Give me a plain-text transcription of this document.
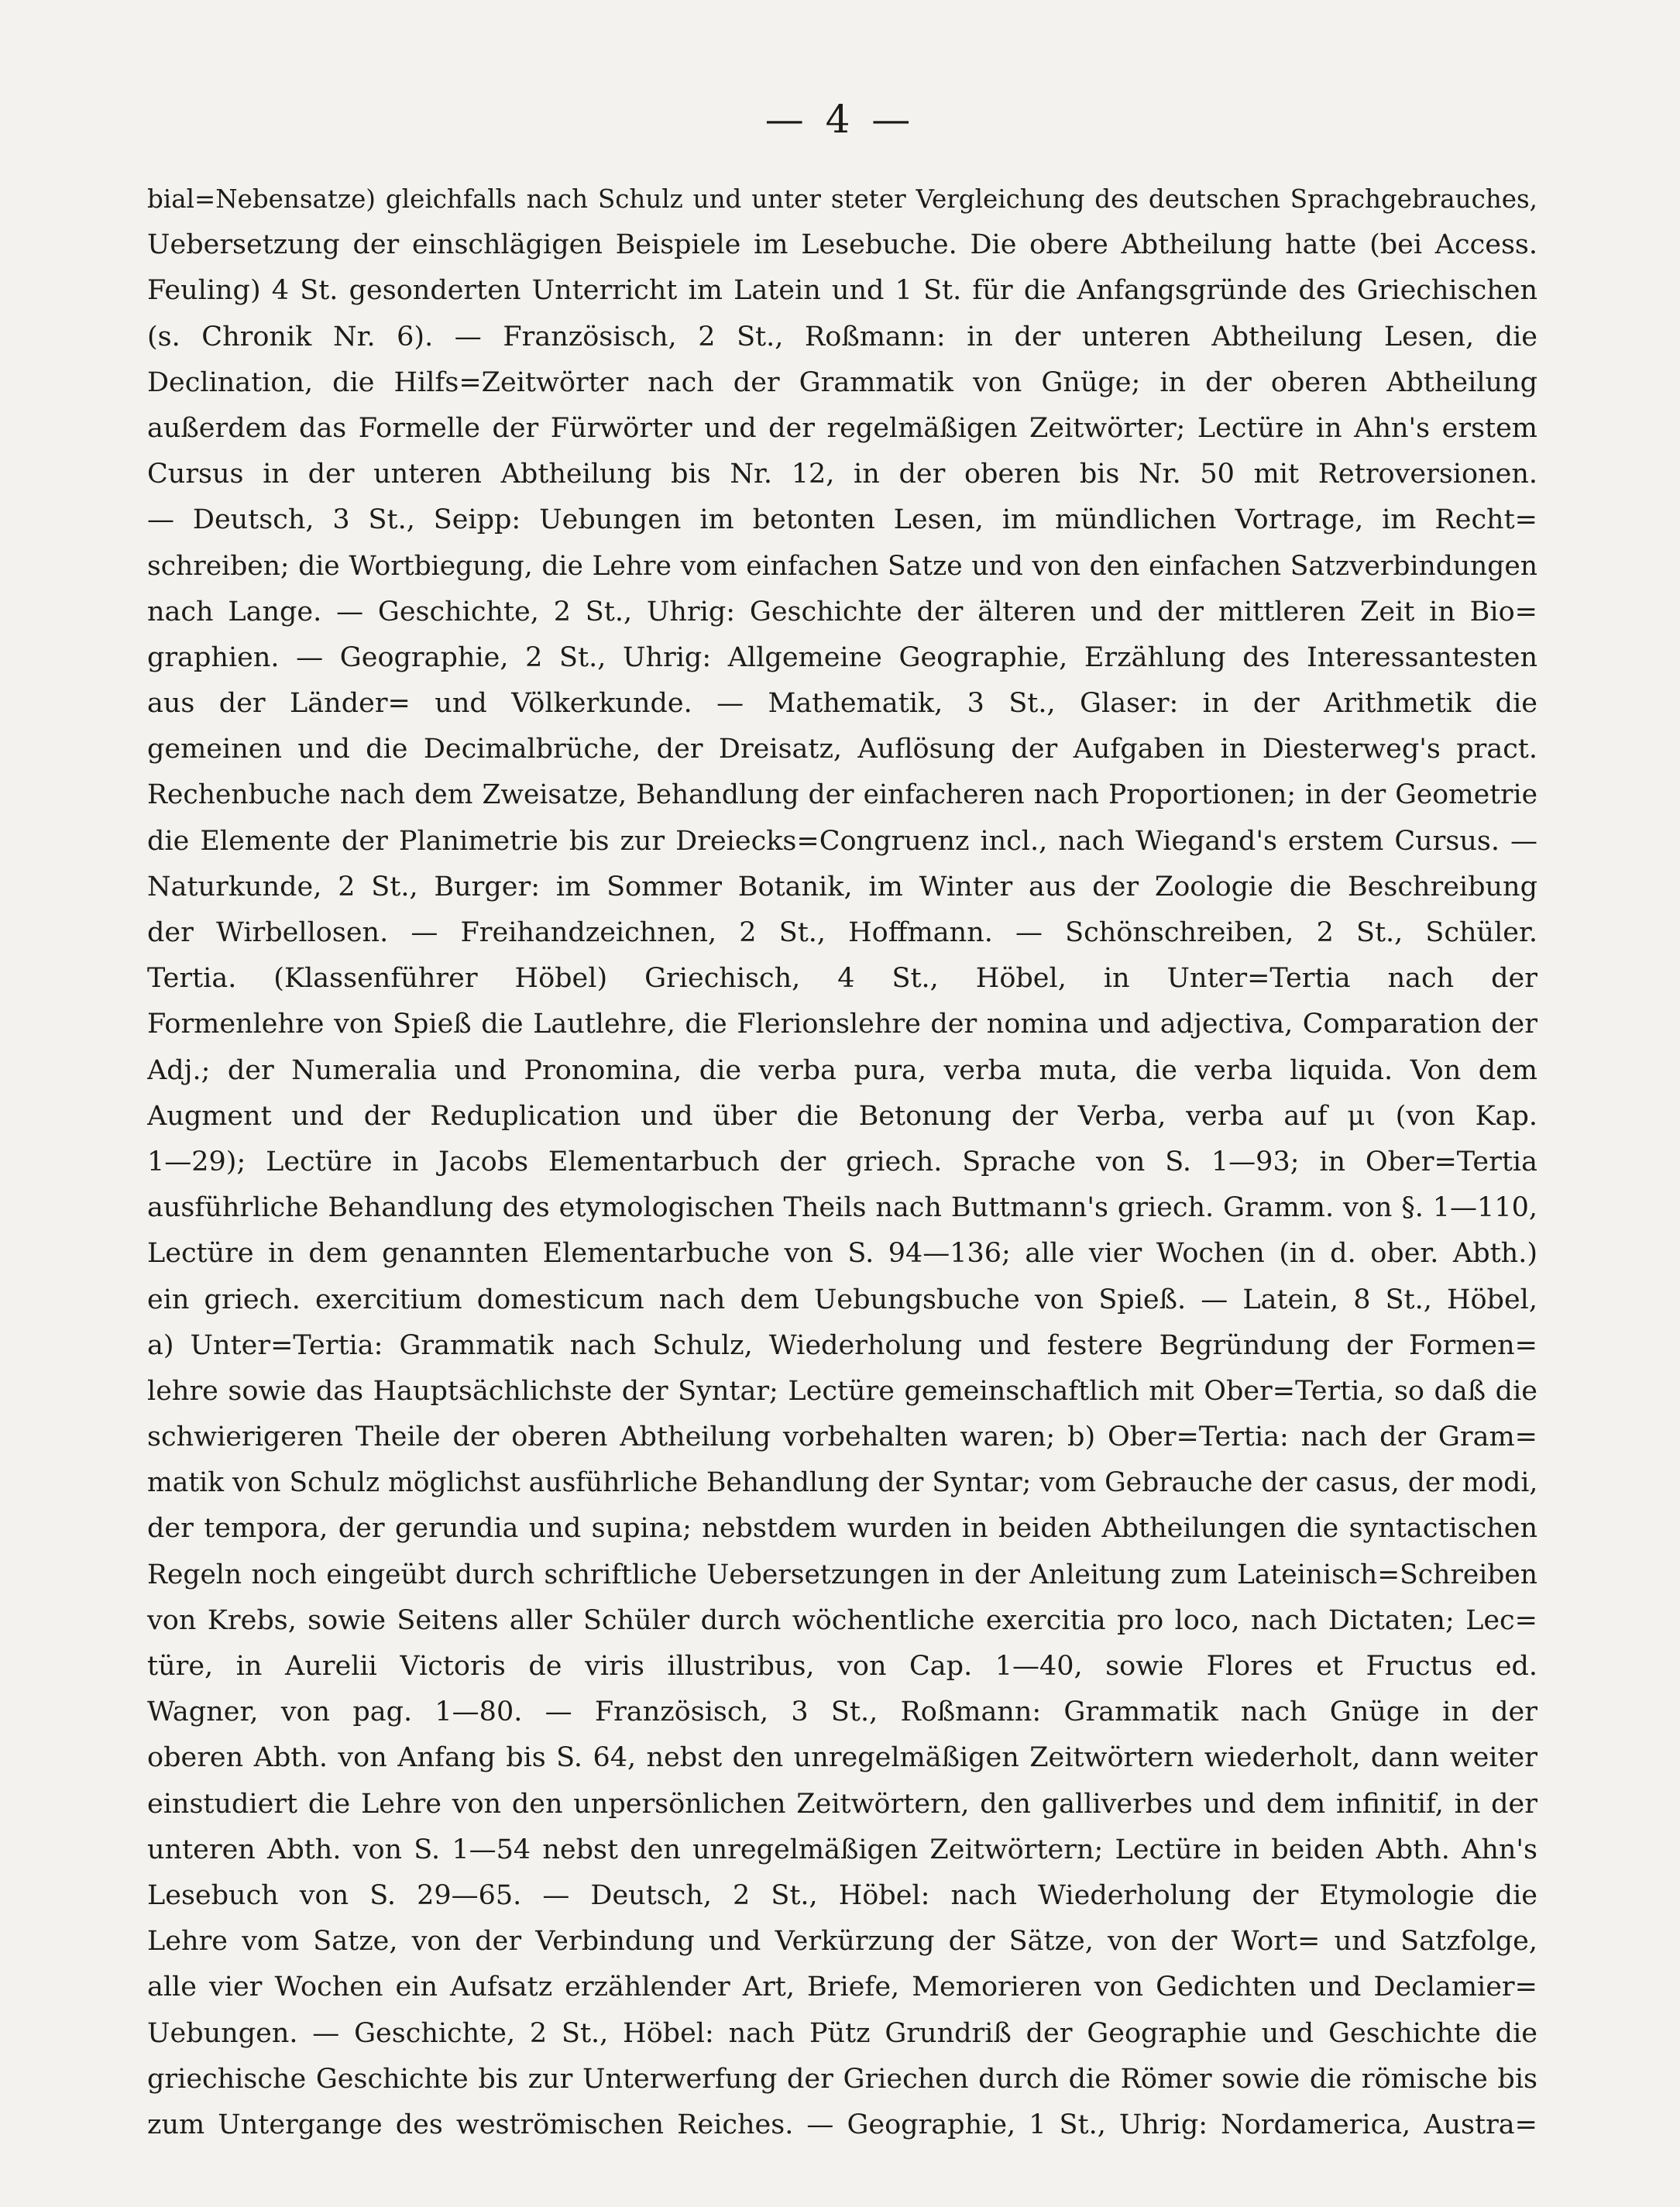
— 4 —
bial=Nebensatze) gleichfalls nach Schulz und unter steter Vergleichung des deutschen Sprachgebrauches,
Uebersetzung der einschlägigen Beispiele im Lesebuche. Die obere Abtheilung hatte (bei Access.
Feuling) 4 St. gesonderten Unterricht im Latein und 1 St. für die Anfangsgründe des Griechischen
(s. Chronik Nr. 6). — Französisch, 2 St., Roßmann: in der unteren Abtheilung Lesen, die
Declination, die Hilfs=Zeitwörter nach der Grammatik von Gnüge; in der oberen Abtheilung
außerdem das Formelle der Fürwörter und der regelmäßigen Zeitwörter; Lectüre in Ahn's erstem
Cursus in der unteren Abtheilung bis Nr. 12, in der oberen bis Nr. 50 mit Retroversionen.
— Deutsch, 3 St., Seipp: Uebungen im betonten Lesen, im mündlichen Vortrage, im Recht=
schreiben; die Wortbiegung, die Lehre vom einfachen Satze und von den einfachen Satzverbindungen
nach Lange. — Geschichte, 2 St., Uhrig: Geschichte der älteren und der mittleren Zeit in Bio=
graphien. — Geographie, 2 St., Uhrig: Allgemeine Geographie, Erzählung des Interessantesten
aus der Länder= und Völkerkunde. — Mathematik, 3 St., Glaser: in der Arithmetik die
gemeinen und die Decimalbrüche, der Dreisatz, Auflösung der Aufgaben in Diesterweg's pract.
Rechenbuche nach dem Zweisatze, Behandlung der einfacheren nach Proportionen; in der Geometrie
die Elemente der Planimetrie bis zur Dreiecks=Congruenz incl., nach Wiegand's erstem Cursus. —
Naturkunde, 2 St., Burger: im Sommer Botanik, im Winter aus der Zoologie die Beschreibung
der Wirbellosen. — Freihandzeichnen, 2 St., Hoffmann. — Schönschreiben, 2 St., Schüler.
Tertia. (Klassenführer Höbel) Griechisch, 4 St., Höbel, in Unter=Tertia nach der
Formenlehre von Spieß die Lautlehre, die Flerionslehre der nomina und adjectiva, Comparation der
Adj.; der Numeralia und Pronomina, die verba pura, verba muta, die verba liquida. Von dem
Augment und der Reduplication und über die Betonung der Verba, verba auf μι (von Kap.
1—29); Lectüre in Jacobs Elementarbuch der griech. Sprache von S. 1—93; in Ober=Tertia
ausführliche Behandlung des etymologischen Theils nach Buttmann's griech. Gramm. von §. 1—110,
Lectüre in dem genannten Elementarbuche von S. 94—136; alle vier Wochen (in d. ober. Abth.)
ein griech. exercitium domesticum nach dem Uebungsbuche von Spieß. — Latein, 8 St., Höbel,
a) Unter=Tertia: Grammatik nach Schulz, Wiederholung und festere Begründung der Formen=
lehre sowie das Hauptsächlichste der Syntar; Lectüre gemeinschaftlich mit Ober=Tertia, so daß die
schwierigeren Theile der oberen Abtheilung vorbehalten waren; b) Ober=Tertia: nach der Gram=
matik von Schulz möglichst ausführliche Behandlung der Syntar; vom Gebrauche der casus, der modi,
der tempora, der gerundia und supina; nebstdem wurden in beiden Abtheilungen die syntactischen
Regeln noch eingeübt durch schriftliche Uebersetzungen in der Anleitung zum Lateinisch=Schreiben
von Krebs, sowie Seitens aller Schüler durch wöchentliche exercitia pro loco, nach Dictaten; Lec=
türe, in Aurelii Victoris de viris illustribus, von Cap. 1—40, sowie Flores et Fructus ed.
Wagner, von pag. 1—80. — Französisch, 3 St., Roßmann: Grammatik nach Gnüge in der
oberen Abth. von Anfang bis S. 64, nebst den unregelmäßigen Zeitwörtern wiederholt, dann weiter
einstudiert die Lehre von den unpersönlichen Zeitwörtern, den galliverbes und dem infinitif, in der
unteren Abth. von S. 1—54 nebst den unregelmäßigen Zeitwörtern; Lectüre in beiden Abth. Ahn's
Lesebuch von S. 29—65. — Deutsch, 2 St., Höbel: nach Wiederholung der Etymologie die
Lehre vom Satze, von der Verbindung und Verkürzung der Sätze, von der Wort= und Satzfolge,
alle vier Wochen ein Aufsatz erzählender Art, Briefe, Memorieren von Gedichten und Declamier=
Uebungen. — Geschichte, 2 St., Höbel: nach Pütz Grundriß der Geographie und Geschichte die
griechische Geschichte bis zur Unterwerfung der Griechen durch die Römer sowie die römische bis
zum Untergange des weströmischen Reiches. — Geographie, 1 St., Uhrig: Nordamerica, Austra=
